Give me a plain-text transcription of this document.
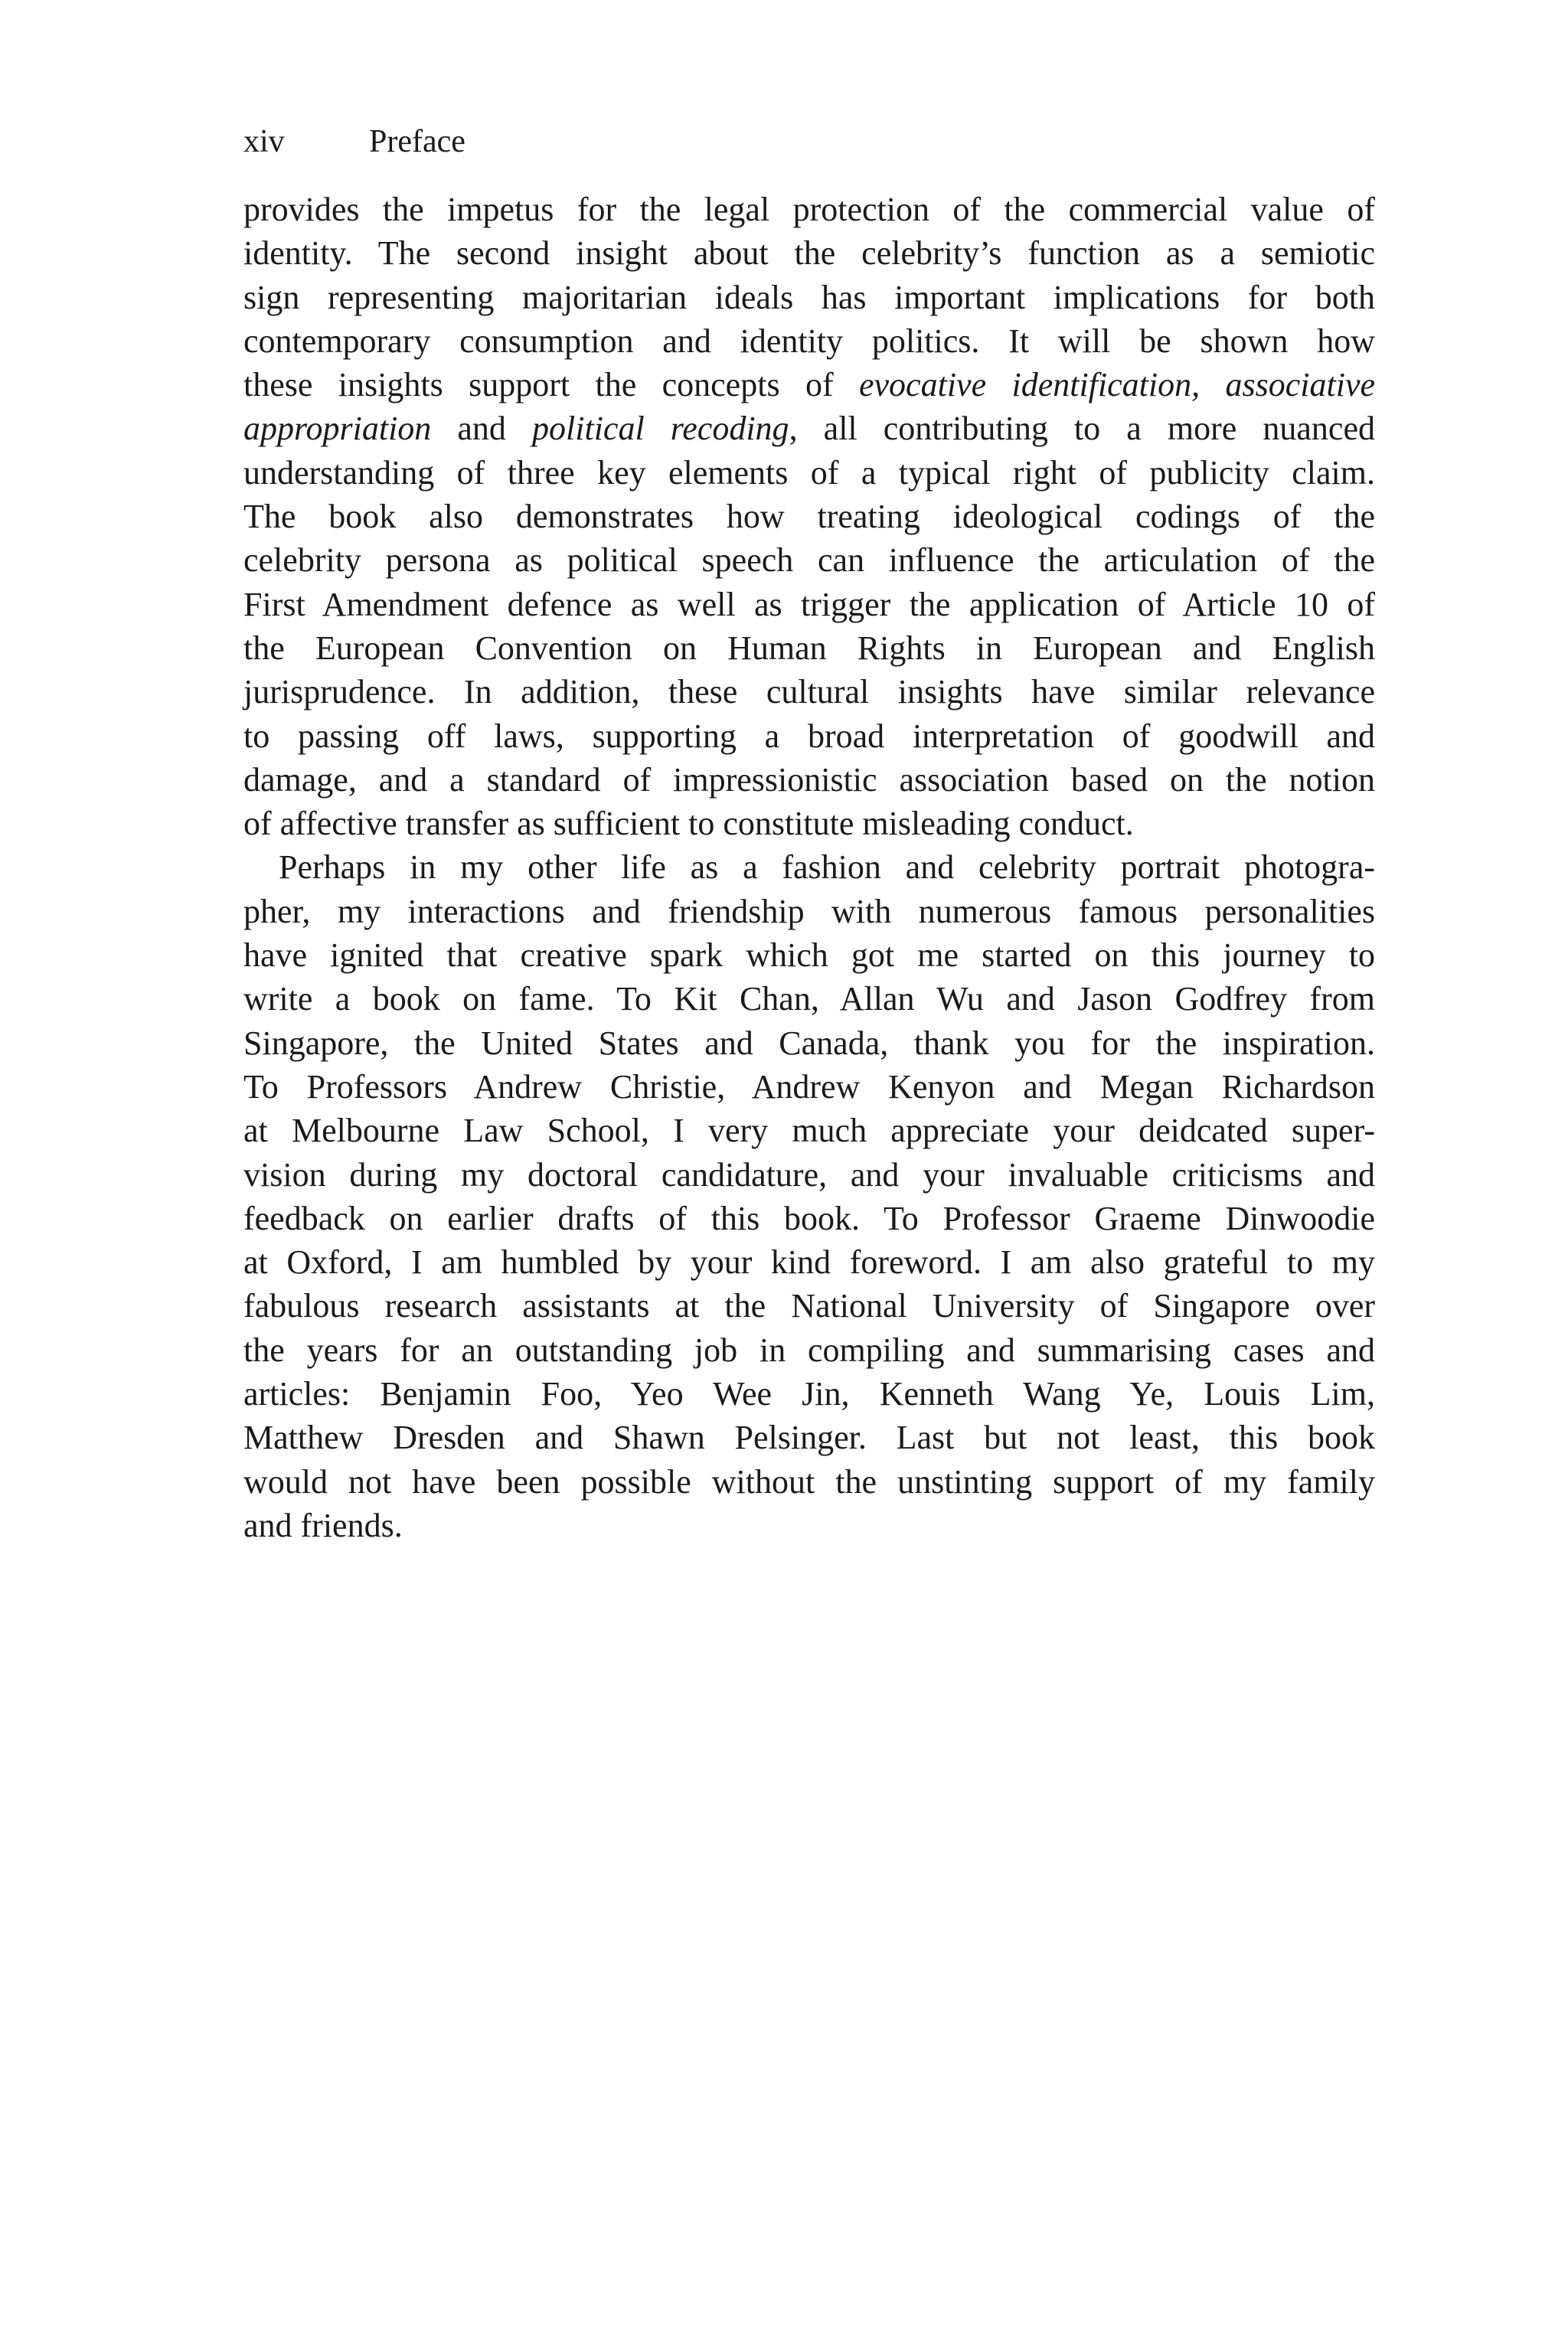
xiv	Preface
provides the impetus for the legal protection of the commercial value of
identity. The second insight about the celebrity’s function as a semiotic
sign representing majoritarian ideals has important implications for both
contemporary consumption and identity politics. It will be shown how
these insights support the concepts of evocative identification, associative
appropriation and political recoding, all contributing to a more nuanced
understanding of three key elements of a typical right of publicity claim.
The book also demonstrates how treating ideological codings of the
celebrity persona as political speech can influence the articulation of the
First Amendment defence as well as trigger the application of Article 10 of
the European Convention on Human Rights in European and English
jurisprudence. In addition, these cultural insights have similar relevance
to passing off laws, supporting a broad interpretation of goodwill and
damage, and a standard of impressionistic association based on the notion
of affective transfer as sufficient to constitute misleading conduct.
Perhaps in my other life as a fashion and celebrity portrait photogra-
pher, my interactions and friendship with numerous famous personalities
have ignited that creative spark which got me started on this journey to
write a book on fame. To Kit Chan, Allan Wu and Jason Godfrey from
Singapore, the United States and Canada, thank you for the inspiration.
To Professors Andrew Christie, Andrew Kenyon and Megan Richardson
at Melbourne Law School, I very much appreciate your deidcated super-
vision during my doctoral candidature, and your invaluable criticisms and
feedback on earlier drafts of this book. To Professor Graeme Dinwoodie
at Oxford, I am humbled by your kind foreword. I am also grateful to my
fabulous research assistants at the National University of Singapore over
the years for an outstanding job in compiling and summarising cases and
articles: Benjamin Foo, Yeo Wee Jin, Kenneth Wang Ye, Louis Lim,
Matthew Dresden and Shawn Pelsinger. Last but not least, this book
would not have been possible without the unstinting support of my family
and friends.
